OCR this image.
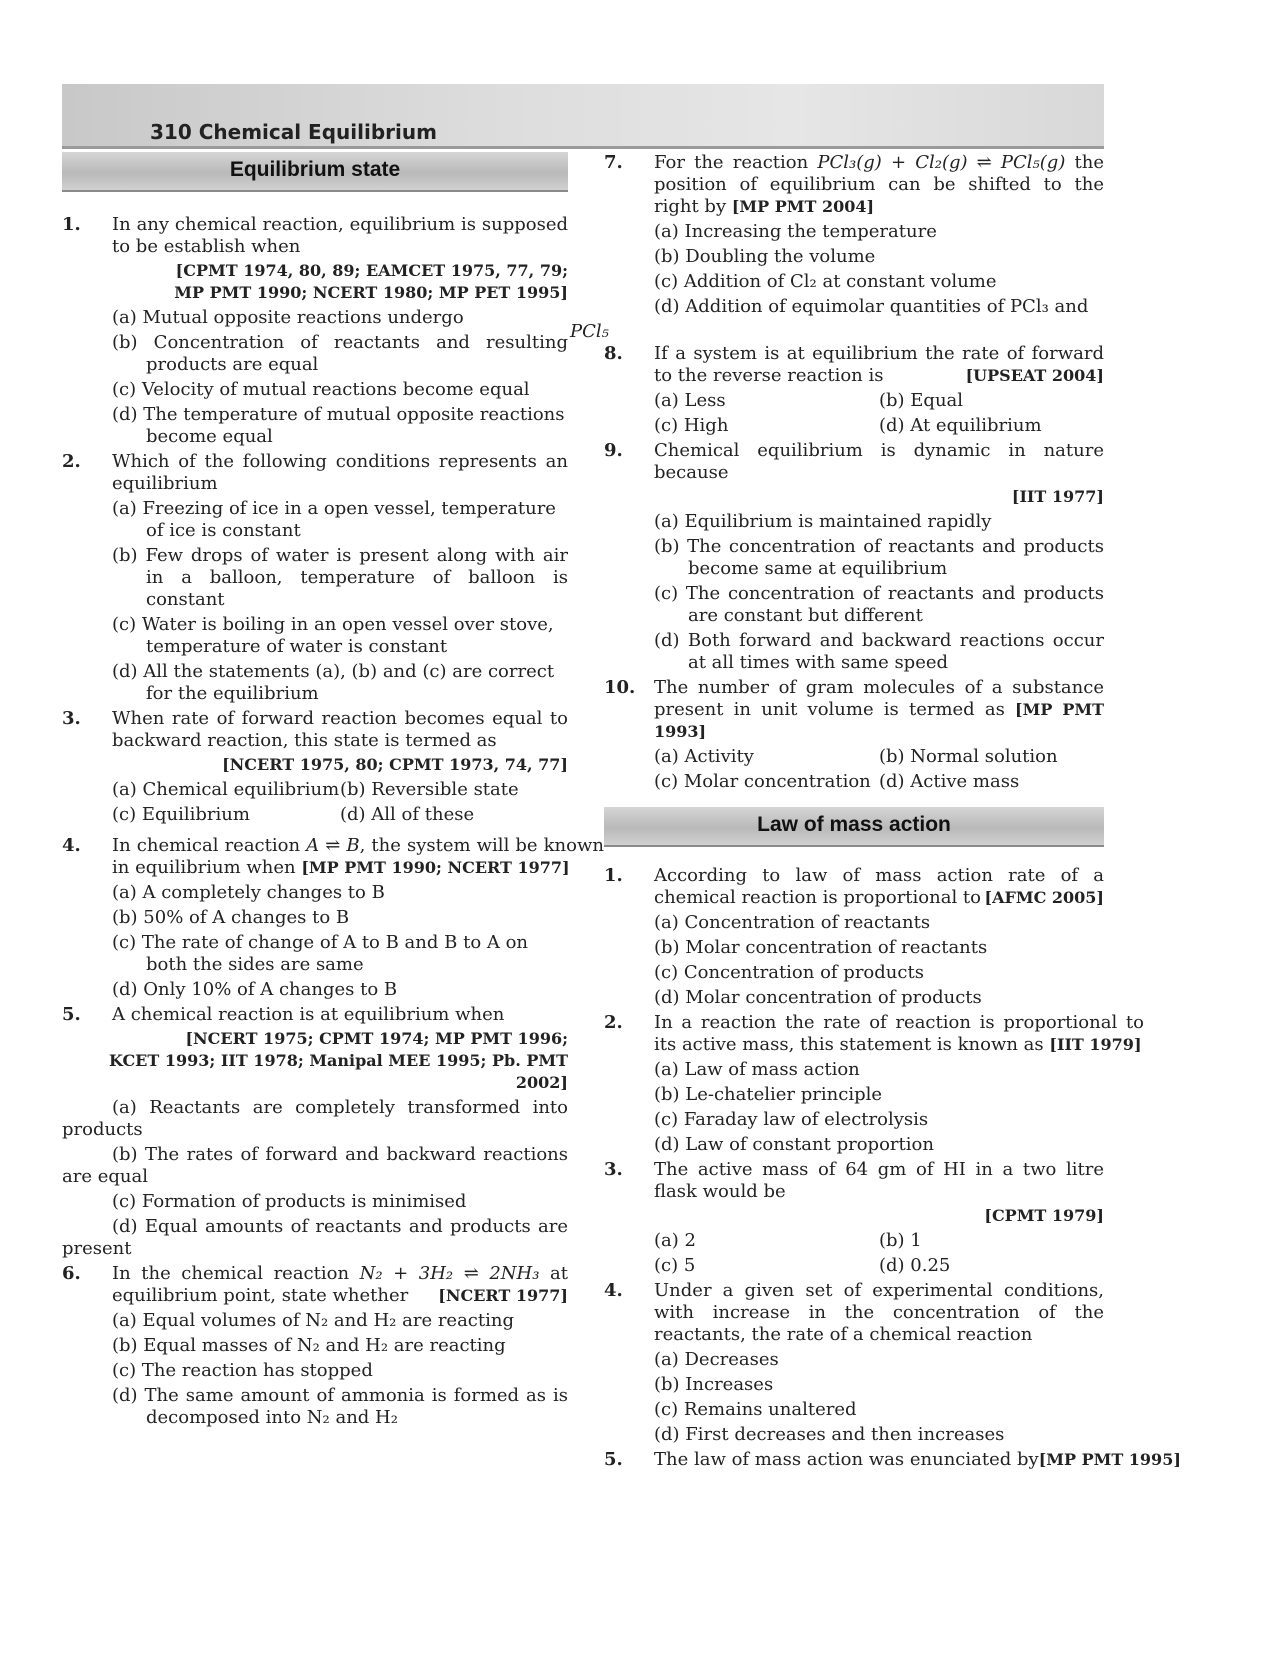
310 Chemical Equilibrium
Equilibrium state
1. In any chemical reaction, equilibrium is supposed to be establish when
[CPMT 1974, 80, 89; EAMCET 1975, 77, 79;
MP PMT 1990; NCERT 1980; MP PET 1995]
(a) Mutual opposite reactions undergo
(b) Concentration of reactants and resulting products are equal
(c) Velocity of mutual reactions become equal
(d) The temperature of mutual opposite reactions become equal
2. Which of the following conditions represents an equilibrium
(a) Freezing of ice in a open vessel, temperature of ice is constant
(b) Few drops of water is present along with air in a balloon, temperature of balloon is constant
(c) Water is boiling in an open vessel over stove, temperature of water is constant
(d) All the statements (a), (b) and (c) are correct for the equilibrium
3. When rate of forward reaction becomes equal to backward reaction, this state is termed as
[NCERT 1975, 80; CPMT 1973, 74, 77]
(a) Chemical equilibrium (b) Reversible state
(c) Equilibrium	(d) All of these
4. In chemical reaction A ⇌ B, the system will be known in equilibrium when [MP PMT 1990; NCERT 1977]
(a) A completely changes to B
(b) 50% of A changes to B
(c) The rate of change of A to B and B to A on both the sides are same
(d) Only 10% of A changes to B
5. A chemical reaction is at equilibrium when
[NCERT 1975; CPMT 1974; MP PMT 1996;
KCET 1993; IIT 1978; Manipal MEE 1995; Pb. PMT 2002]
(a) Reactants are completely transformed into products
(b) The rates of forward and backward reactions are equal
(c) Formation of products is minimised
(d) Equal amounts of reactants and products are present
6. In the chemical reaction N₂ + 3H₂ ⇌ 2NH₃ at equilibrium point, state whether [NCERT 1977]
(a) Equal volumes of N₂ and H₂ are reacting
(b) Equal masses of N₂ and H₂ are reacting
(c) The reaction has stopped
(d) The same amount of ammonia is formed as is decomposed into N₂ and H₂
7. For the reaction PCl₃(g) + Cl₂(g) ⇌ PCl₅(g) the position of equilibrium can be shifted to the right by [MP PMT 2004]
(a) Increasing the temperature
(b) Doubling the volume
(c) Addition of Cl₂ at constant volume
(d) Addition of equimolar quantities of PCl₃ and
PCl₅
8. If a system is at equilibrium the rate of forward to the reverse reaction is	[UPSEAT 2004]
(a) Less	(b) Equal
(c) High	(d) At equilibrium
9. Chemical equilibrium is dynamic in nature because
[IIT 1977]
(a) Equilibrium is maintained rapidly
(b) The concentration of reactants and products become same at equilibrium
(c) The concentration of reactants and products are constant but different
(d) Both forward and backward reactions occur at all times with same speed
10. The number of gram molecules of a substance present in unit volume is termed as [MP PMT 1993]
(a) Activity	(b) Normal solution
(c) Molar concentration (d) Active mass
Law of mass action
1. According to law of mass action rate of a chemical reaction is proportional to [AFMC 2005]
(a) Concentration of reactants
(b) Molar concentration of reactants
(c) Concentration of products
(d) Molar concentration of products
2. In a reaction the rate of reaction is proportional to its active mass, this statement is known as [IIT 1979]
(a) Law of mass action
(b) Le-chatelier principle
(c) Faraday law of electrolysis
(d) Law of constant proportion
3. The active mass of 64 gm of HI in a two litre flask would be
[CPMT 1979]
(a) 2	(b) 1
(c) 5	(d) 0.25
4. Under a given set of experimental conditions, with increase in the concentration of the reactants, the rate of a chemical reaction
(a) Decreases
(b) Increases
(c) Remains unaltered
(d) First decreases and then increases
5. The law of mass action was enunciated by[MP PMT 1995]
